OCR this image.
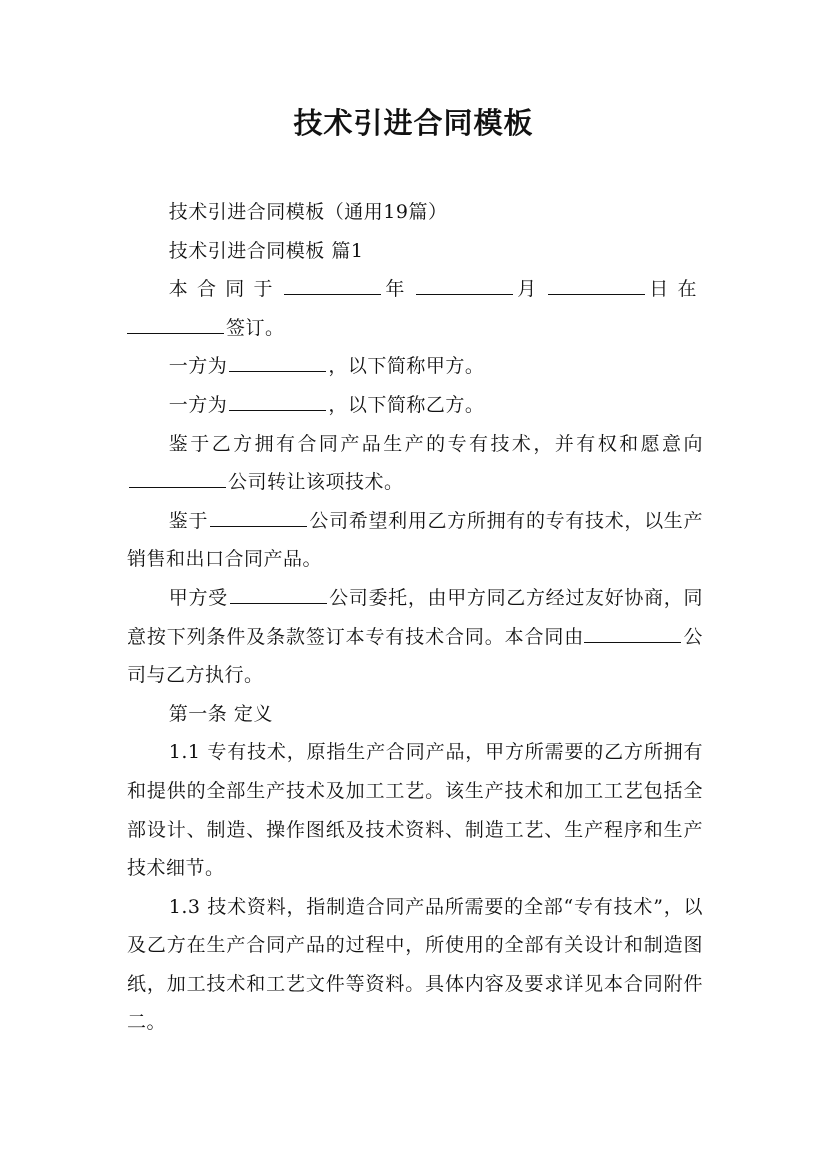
技术引进合同模板

技术引进合同模板（通用19篇）

技术引进合同模板 篇1

本合同于	年	月	日在签订。

一方为	，以下简称甲方。

一方为	，以下简称乙方。

鉴于乙方拥有合同产品生产的专有技术，并有权和愿意向公司转让该项技术。

鉴于	公司希望利用乙方所拥有的专有技术，以生产销售和出口合同产品。

甲方受	公司委托，由甲方同乙方经过友好协商，同意按下列条件及条款签订本专有技术合同。本合同由	公司与乙方执行。

第一条 定义

1.1 专有技术，原指生产合同产品，甲方所需要的乙方所拥有和提供的全部生产技术及加工工艺。该生产技术和加工工艺包括全部设计、制造、操作图纸及技术资料、制造工艺、生产程序和生产技术细节。

1.3 技术资料，指制造合同产品所需要的全部“专有技术”，以及乙方在生产合同产品的过程中，所使用的全部有关设计和制造图纸，加工技术和工艺文件等资料。具体内容及要求详见本合同附件二。
